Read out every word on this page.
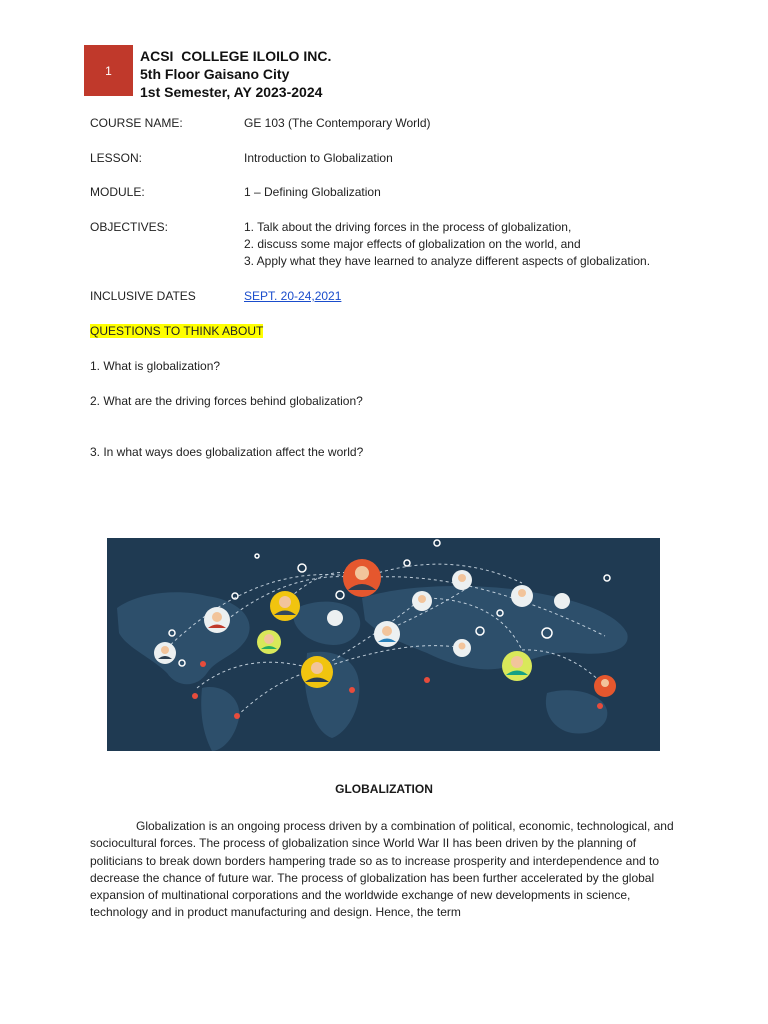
1
ACSI  COLLEGE ILOILO INC.
5th Floor Gaisano City
1st Semester, AY 2023-2024
COURSE NAME:	GE 103 (The Contemporary World)
LESSON:	Introduction to Globalization
MODULE:	1 – Defining Globalization
OBJECTIVES:	1. Talk about the driving forces in the process of globalization,
2. discuss some major effects of globalization on the world, and
3. Apply what they have learned to analyze different aspects of globalization.
INCLUSIVE DATES	SEPT. 20-24,2021
QUESTIONS TO THINK ABOUT
1. What is globalization?
2. What are the driving forces behind globalization?
3. In what ways does globalization affect the world?
GLOBALIZATION

Globalization is an ongoing process driven by a combination of political, economic, technological, and sociocultural forces. The process of globalization since World War II has been driven by the planning of politicians to break down borders hampering trade so as to increase prosperity and interdependence and to decrease the chance of future war. The process of globalization has been further accelerated by the global expansion of multinational corporations and the worldwide exchange of new developments in science, technology and in product manufacturing and design. Hence, the term
